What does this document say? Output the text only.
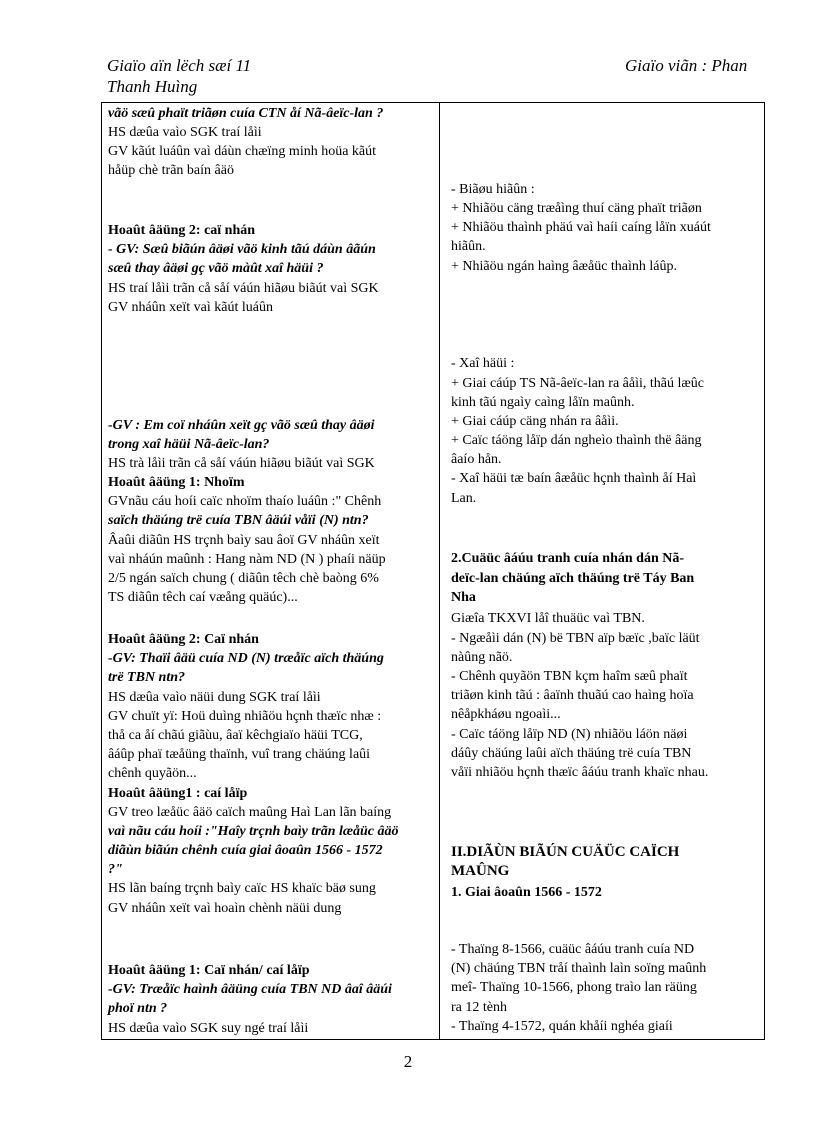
Giaïo aïn lëch sæí 11
Thanh Huìng
Giaïo viãn : Phan
vãö sæû phaït triãøn cuía CTN åí Nã-âeïc-lan ?
HS dæûa vaìo SGK traí låìi
GV kãút luáûn vaì dáùn chæïng minh hoüa kãút
håüp chè trãn baín âäö
Hoaût âäüng 2: caï nhán
- GV: Sæû biãún âäøi vãö kinh tãú dáùn âãún
sæû thay âäøi gç vãö màût xaî häüi ?
HS traí låìi trãn cå såí váún hiãøu biãút vaì SGK
GV nháûn xeït vaì kãút luáûn
-GV : Em coï nháûn xeït gç vãö sæû thay âäøi
trong xaî häüi Nã-âeïc-lan?
HS trà låìi trãn cå såí váún hiãøu biãút vaì SGK
Hoaût âäüng 1: Nhoïm
GVnãu cáu hoíi caïc nhoïm thaío luáûn :" Chênh
saïch thäúng trë cuía TBN âäúi våïi (N) ntn?
Âaûi diãûn HS trçnh baìy sau âoï GV nháûn xeït
vaì nháún maûnh : Hang nàm ND (N ) phaíi näüp
2/5 ngán saïch chung ( diãûn têch chè baòng 6%
TS diãûn têch caí væång quäúc)...
Hoaût âäüng 2: Caï nhán
-GV: Thaïi âäü cuía ND (N) træåïc aïch thäúng
trë TBN ntn?
HS dæûa vaìo näüi dung SGK traí låìi
GV chuït yï: Hoü duìng nhiãöu hçnh thæïc nhæ :
thå ca åí chãú giãùu, âaï kêchgiaïo häüi TCG,
âáûp phaï tæåüng thaïnh, vuî trang chäúng laûi
chênh quyãön...
Hoaût âäüng1 : caí låïp
GV treo læåüc âäö caïch maûng Haì Lan lãn baíng
vaì nãu cáu hoíi :"Haîy trçnh baìy trãn læåüc âäö
diãùn biãún chênh cuía giai âoaûn 1566 - 1572
?"
HS lãn baíng trçnh baìy caïc HS khaïc bäø sung
GV nháûn xeït vaì hoaìn chènh näüi dung
Hoaût âäüng 1: Caï nhán/ caí låïp
-GV: Træåïc haình âäüng cuía TBN ND âaî âäúi
phoï ntn ?
HS dæûa vaìo SGK suy ngé traí låìi
- Biãøu hiãûn :
+ Nhiãöu cäng træåìng thuí cäng phaït triãøn
+ Nhiãöu thaình phäú vaì haíi caíng låïn xuáút
hiãûn.
+ Nhiãöu ngán haìng âæåüc thaình láûp.
- Xaî häüi :
+ Giai cáúp TS Nã-âeïc-lan ra âåìi, thãú læûc
kinh tãú ngaìy caìng låïn maûnh.
+ Giai cáúp cäng nhán ra âåìi.
+ Caïc táöng låïp dán ngheìo thaình thë âäng
âaío hån.
- Xaî häüi tæ baín âæåüc hçnh thaình åí Haì
Lan.
2.Cuäüc âáúu tranh cuía nhán dán Nã-
deïc-lan chäúng aïch thäúng trë Táy Ban
Nha
Giæîa TKXVI låî thuäüc vaì TBN.
- Ngæåìi dán (N) bë TBN aïp bæïc ,baïc läüt
nàûng nãö.
- Chênh quyãön TBN kçm haîm sæû phaït
triãøn kinh tãú : âaïnh thuãú cao haìng hoïa
nêåpkháøu ngoaìi...
- Caïc táöng låïp ND (N) nhiãöu láön näøi
dáûy chäúng laûi aïch thäúng trë cuía TBN
våïi nhiãöu hçnh thæïc âáúu tranh khaïc nhau.
II.DIÃÙN BIÃÚN CUÄÜC CAÏCH
MAÛNG
1. Giai âoaûn 1566 - 1572
- Thaïng 8-1566, cuäüc âáúu tranh cuía ND
(N) chäúng TBN tråí thaình laìn soïng maûnh
meî- Thaïng 10-1566, phong traìo lan räüng
ra 12 tènh
- Thaïng 4-1572, quán khåíi nghéa giaíi
2
